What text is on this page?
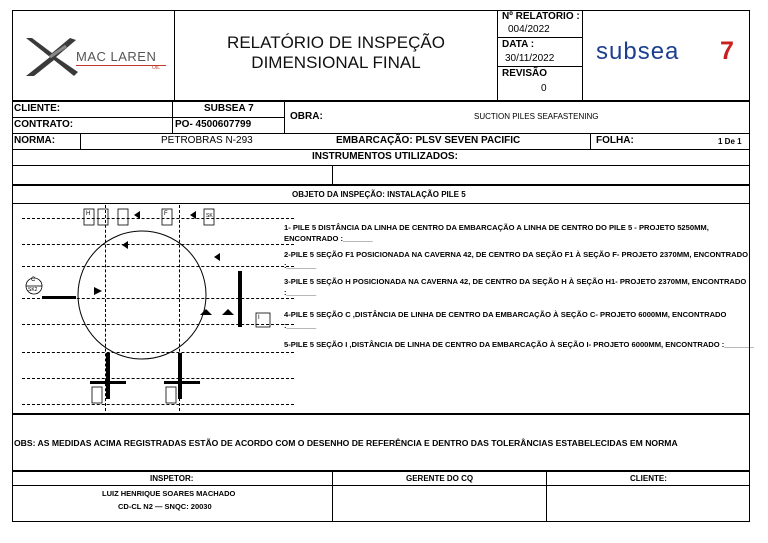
MAC LAREN
OIL
RELATÓRIO DE INSPEÇÃO
DIMENSIONAL FINAL
Nº RELATORIO :
004/2022
DATA :
30/11/2022
REVISÃO
0
subsea 7
CLIENTE:	SUBSEA 7
CONTRATO:	PO- 4500607799
OBRA:	SUCTION PILES SEAFASTENING
NORMA:	PETROBRAS N-293	EMBARCAÇÃO: PLSV SEVEN PACIFIC	FOLHA:	1 De 1
INSTRUMENTOS UTILIZADOS:
OBJETO DA INSPEÇÃO: INSTALAÇÃO PILE 5
C
SK2
H	F
I
SK
1- PILE 5 DISTÂNCIA DA LINHA DE CENTRO DA EMBARCAÇÃO A LINHA DE CENTRO DO PILE 5 - PROJETO 5250MM, ENCONTRADO :_______
2-PILE 5 SEÇÃO F1 POSICIONADA NA CAVERNA 42, DE CENTRO DA SEÇÃO F1 À SEÇÃO F- PROJETO 2370MM, ENCONTRADO :_______
3-PILE 5 SEÇÃO H POSICIONADA NA CAVERNA 42, DE CENTRO DA SEÇÃO H À SEÇÃO H1- PROJETO 2370MM, ENCONTRADO :_______
4-PILE 5 SEÇÃO C ,DISTÂNCIA DE LINHA DE CENTRO DA EMBARCAÇÃO À SEÇÃO C- PROJETO 6000MM, ENCONTRADO :_______
5-PILE 5 SEÇÃO I ,DISTÂNCIA DE LINHA DE CENTRO DA EMBARCAÇÃO À SEÇÃO I- PROJETO 6000MM, ENCONTRADO :_______
OBS: AS MEDIDAS ACIMA REGISTRADAS ESTÃO DE ACORDO COM O DESENHO DE REFERÊNCIA E DENTRO DAS TOLERÂNCIAS ESTABELECIDAS EM NORMA
INSPETOR:	GERENTE DO CQ	CLIENTE:
LUIZ HENRIQUE SOARES MACHADO
CD-CL N2 — SNQC: 20030
